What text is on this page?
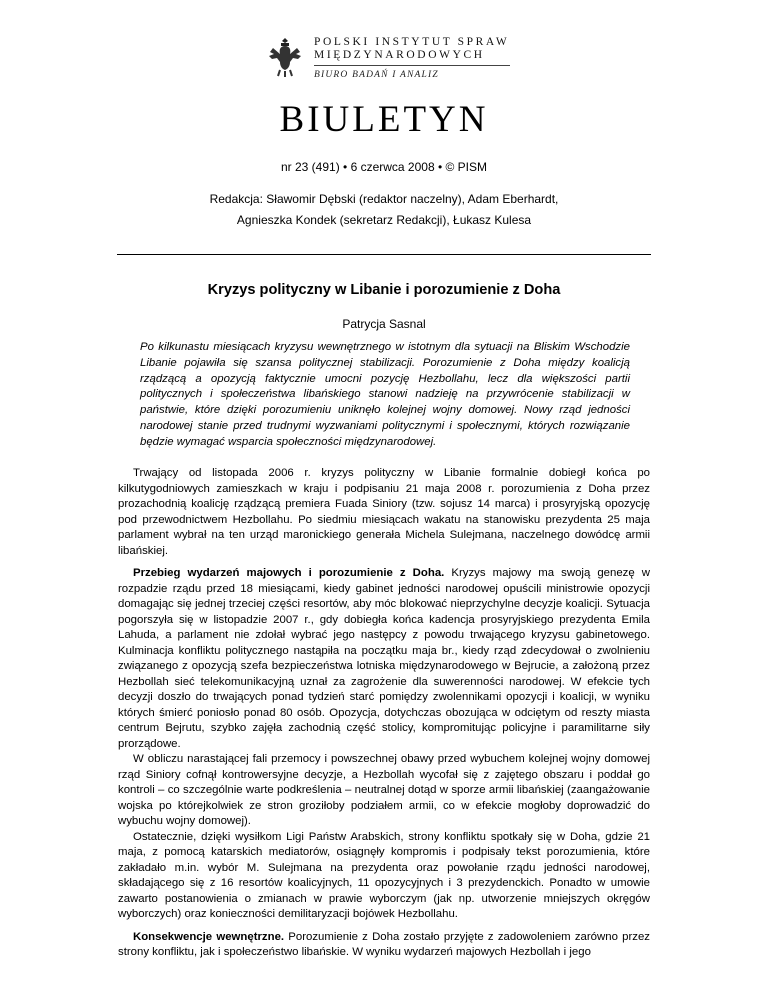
POLSKI INSTYTUT SPRAW
MIĘDZYNARODOWYCH
BIURO BADAŃ I ANALIZ
BIULETYN
nr 23 (491) • 6 czerwca 2008 • © PISM
Redakcja: Sławomir Dębski (redaktor naczelny), Adam Eberhardt,
Agnieszka Kondek (sekretarz Redakcji), Łukasz Kulesa
Kryzys polityczny w Libanie i porozumienie z Doha
Patrycja Sasnal
Po kilkunastu miesiącach kryzysu wewnętrznego w istotnym dla sytuacji na Bliskim Wschodzie Libanie pojawiła się szansa politycznej stabilizacji. Porozumienie z Doha między koalicją rządzącą a opozycją faktycznie umocni pozycję Hezbollahu, lecz dla większości partii politycznych i społeczeństwa libańskiego stanowi nadzieję na przywrócenie stabilizacji w państwie, które dzięki porozumieniu uniknęło kolejnej wojny domowej. Nowy rząd jedności narodowej stanie przed trudnymi wyzwaniami politycznymi i społecznymi, których rozwiązanie będzie wymagać wsparcia społeczności międzynarodowej.

Trwający od listopada 2006 r. kryzys polityczny w Libanie formalnie dobiegł końca po kilkutygodniowych zamieszkach w kraju i podpisaniu 21 maja 2008 r. porozumienia z Doha przez prozachodnią koalicję rządzącą premiera Fuada Siniory (tzw. sojusz 14 marca) i prosyryjską opozycję pod przewodnictwem Hezbollahu. Po siedmiu miesiącach wakatu na stanowisku prezydenta 25 maja parlament wybrał na ten urząd maronickiego generała Michela Sulejmana, naczelnego dowódcę armii libańskiej.

Przebieg wydarzeń majowych i porozumienie z Doha. Kryzys majowy ma swoją genezę w rozpadzie rządu przed 18 miesiącami, kiedy gabinet jedności narodowej opuścili ministrowie opozycji domagając się jednej trzeciej części resortów, aby móc blokować nieprzychylne decyzje koalicji. Sytuacja pogorszyła się w listopadzie 2007 r., gdy dobiegła końca kadencja prosyryjskiego prezydenta Emila Lahuda, a parlament nie zdołał wybrać jego następcy z powodu trwającego kryzysu gabinetowego. Kulminacja konfliktu politycznego nastąpiła na początku maja br., kiedy rząd zdecydował o zwolnieniu związanego z opozycją szefa bezpieczeństwa lotniska międzynarodowego w Bejrucie, a założoną przez Hezbollah sieć telekomunikacyjną uznał za zagrożenie dla suwerenności narodowej. W efekcie tych decyzji doszło do trwających ponad tydzień starć pomiędzy zwolennikami opozycji i koalicji, w wyniku których śmierć poniosło ponad 80 osób. Opozycja, dotychczas obozująca w odciętym od reszty miasta centrum Bejrutu, szybko zajęła zachodnią część stolicy, kompromitując policyjne i paramilitarne siły prorządowe.

W obliczu narastającej fali przemocy i powszechnej obawy przed wybuchem kolejnej wojny domowej rząd Siniory cofnął kontrowersyjne decyzje, a Hezbollah wycofał się z zajętego obszaru i poddał go kontroli – co szczególnie warte podkreślenia – neutralnej dotąd w sporze armii libańskiej (zaangażowanie wojska po którejkolwiek ze stron groziłoby podziałem armii, co w efekcie mogłoby doprowadzić do wybuchu wojny domowej).

Ostatecznie, dzięki wysiłkom Ligi Państw Arabskich, strony konfliktu spotkały się w Doha, gdzie 21 maja, z pomocą katarskich mediatorów, osiągnęły kompromis i podpisały tekst porozumienia, które zakładało m.in. wybór M. Sulejmana na prezydenta oraz powołanie rządu jedności narodowej, składającego się z 16 resortów koalicyjnych, 11 opozycyjnych i 3 prezydenckich. Ponadto w umowie zawarto postanowienia o zmianach w prawie wyborczym (jak np. utworzenie mniejszych okręgów wyborczych) oraz konieczności demilitaryzacji bojówek Hezbollahu.

Konsekwencje wewnętrzne. Porozumienie z Doha zostało przyjęte z zadowoleniem zarówno przez strony konfliktu, jak i społeczeństwo libańskie. W wyniku wydarzeń majowych Hezbollah i jego
